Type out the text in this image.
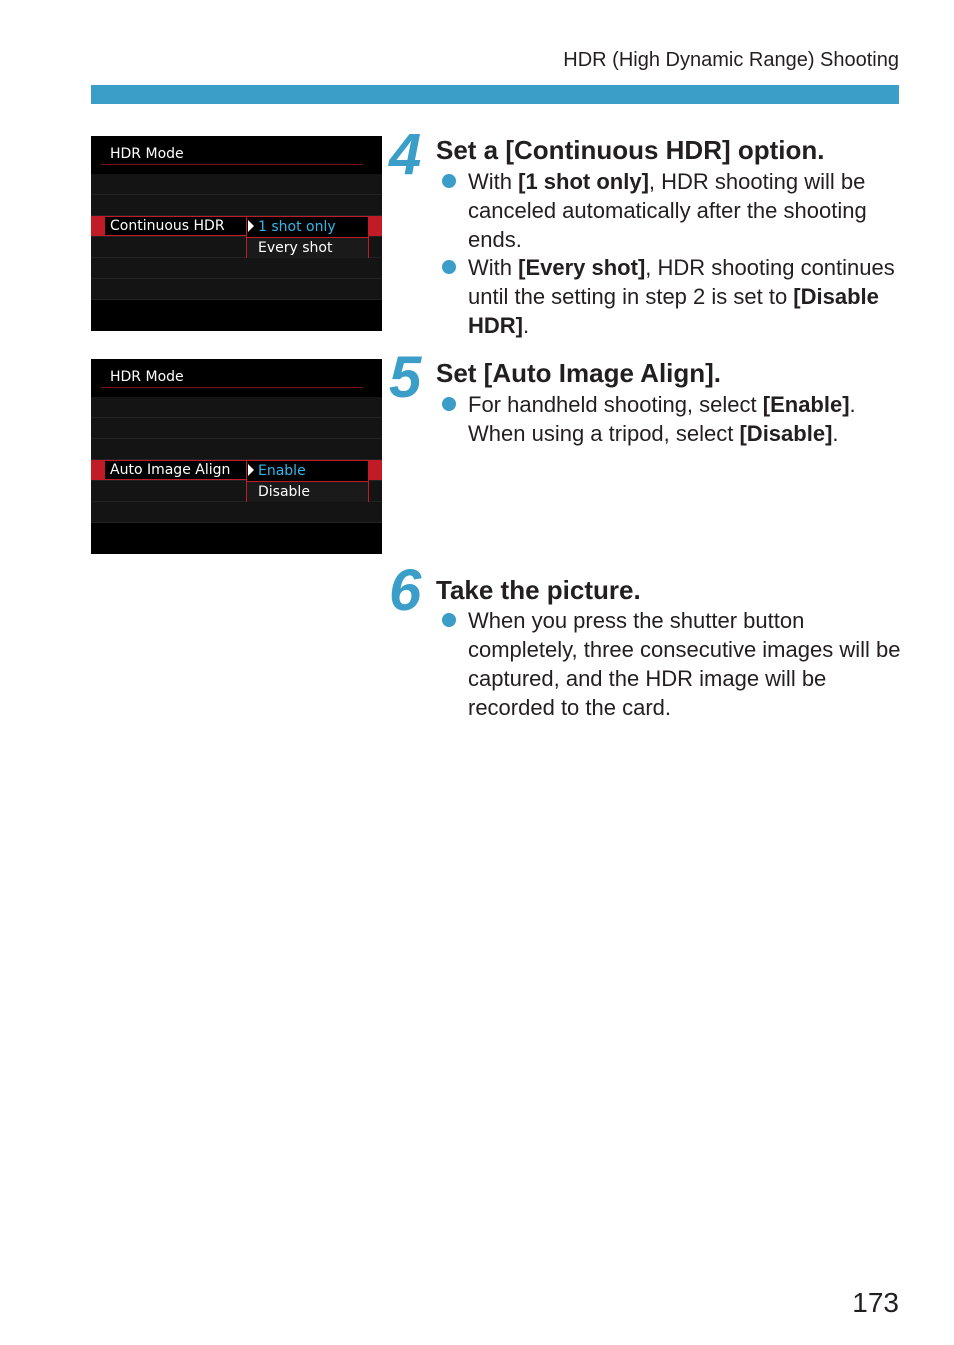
HDR (High Dynamic Range) Shooting
HDR Mode
Continuous HDR 1 shot only
Every shot
HDR Mode
Auto Image Align Enable
Disable
4 Set a [Continuous HDR] option.
With [1 shot only], HDR shooting will be canceled automatically after the shooting ends.
With [Every shot], HDR shooting continues until the setting in step 2 is set to [Disable HDR].
5 Set [Auto Image Align].
For handheld shooting, select [Enable]. When using a tripod, select [Disable].
6 Take the picture.
When you press the shutter button completely, three consecutive images will be captured, and the HDR image will be recorded to the card.
173
